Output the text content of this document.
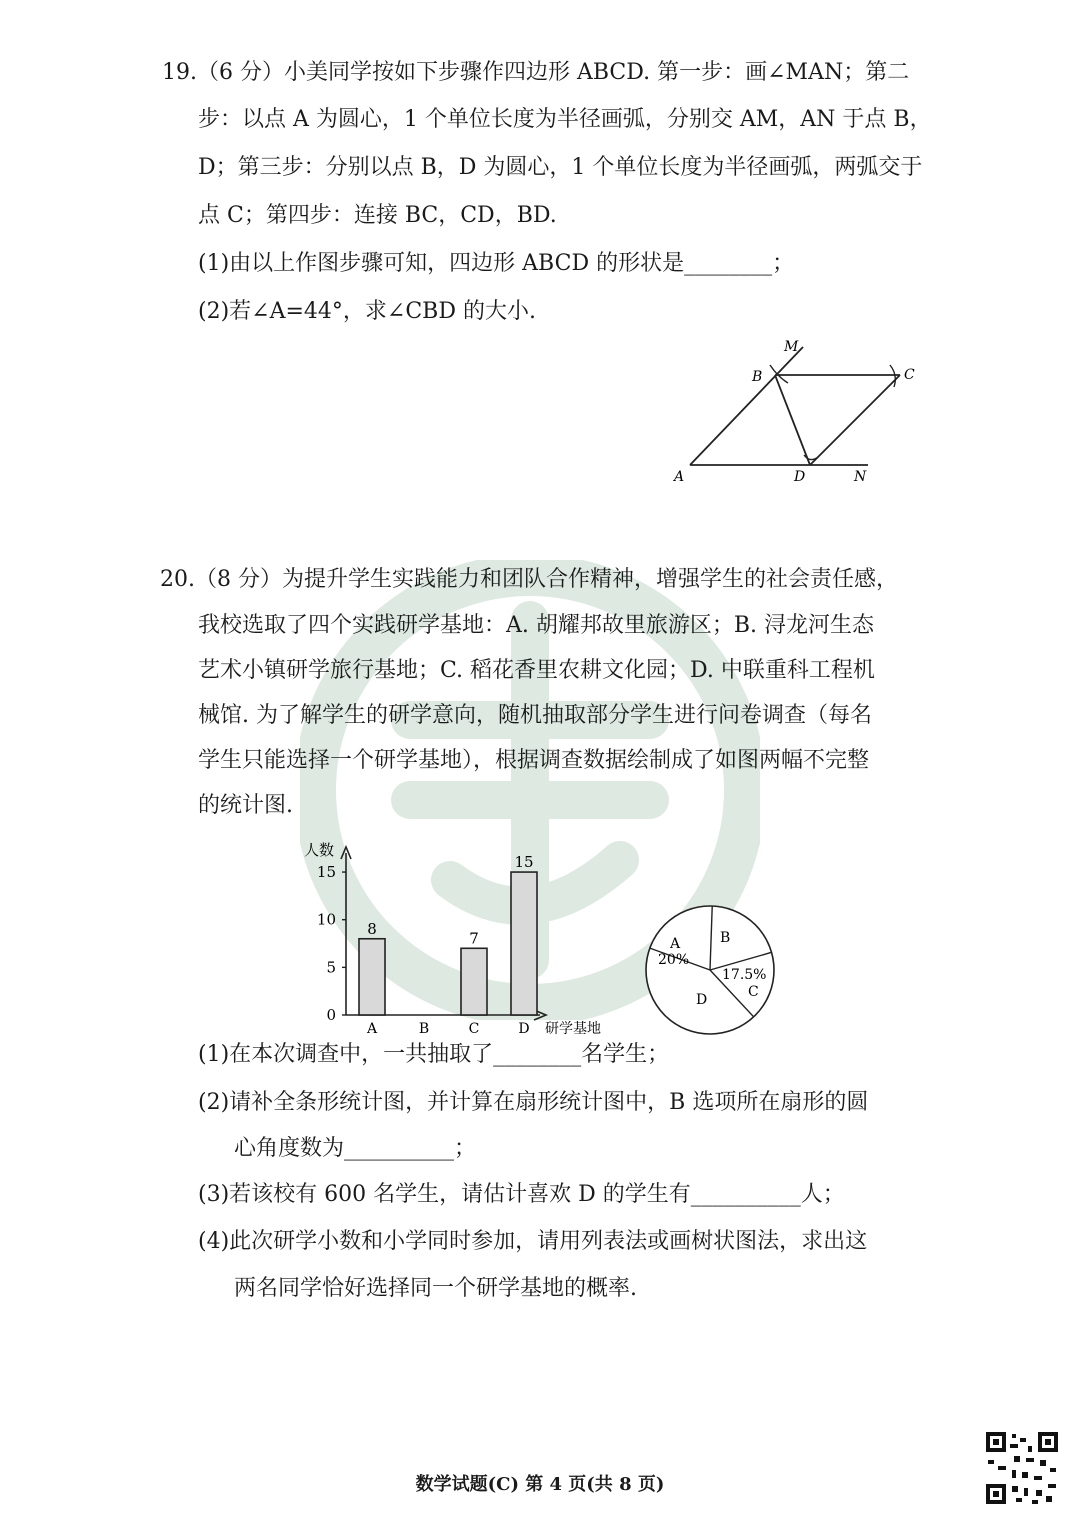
19.（6 分）小美同学按如下步骤作四边形 ABCD. 第一步：画∠MAN；第二
步：以点 A 为圆心，1 个单位长度为半径画弧，分别交 AM，AN 于点 B，
D；第三步：分别以点 B，D 为圆心，1 个单位长度为半径画弧，两弧交于
点 C；第四步：连接 BC，CD，BD.
(1)由以上作图步骤可知，四边形 ABCD 的形状是________；
(2)若∠A=44°，求∠CBD 的大小.
M
B	C
A	D	N
20.（8 分）为提升学生实践能力和团队合作精神，增强学生的社会责任感，
我校选取了四个实践研学基地：A. 胡耀邦故里旅游区；B. 浔龙河生态
艺术小镇研学旅行基地；C. 稻花香里农耕文化园；D. 中联重科工程机
械馆. 为了解学生的研学意向，随机抽取部分学生进行问卷调查（每名
学生只能选择一个研学基地），根据调查数据绘制成了如图两幅不完整
的统计图.
人数
研学基地
0
5
10
15
8
A	B
7
C
15
D
A
20%
B
C
17.5%
D
(1)在本次调查中，一共抽取了________名学生；
(2)请补全条形统计图，并计算在扇形统计图中，B 选项所在扇形的圆
心角度数为__________；
(3)若该校有 600 名学生，请估计喜欢 D 的学生有__________人；
(4)此次研学小数和小学同时参加，请用列表法或画树状图法，求出这
两名同学恰好选择同一个研学基地的概率.
数学试题(C) 第 4 页(共 8 页)
